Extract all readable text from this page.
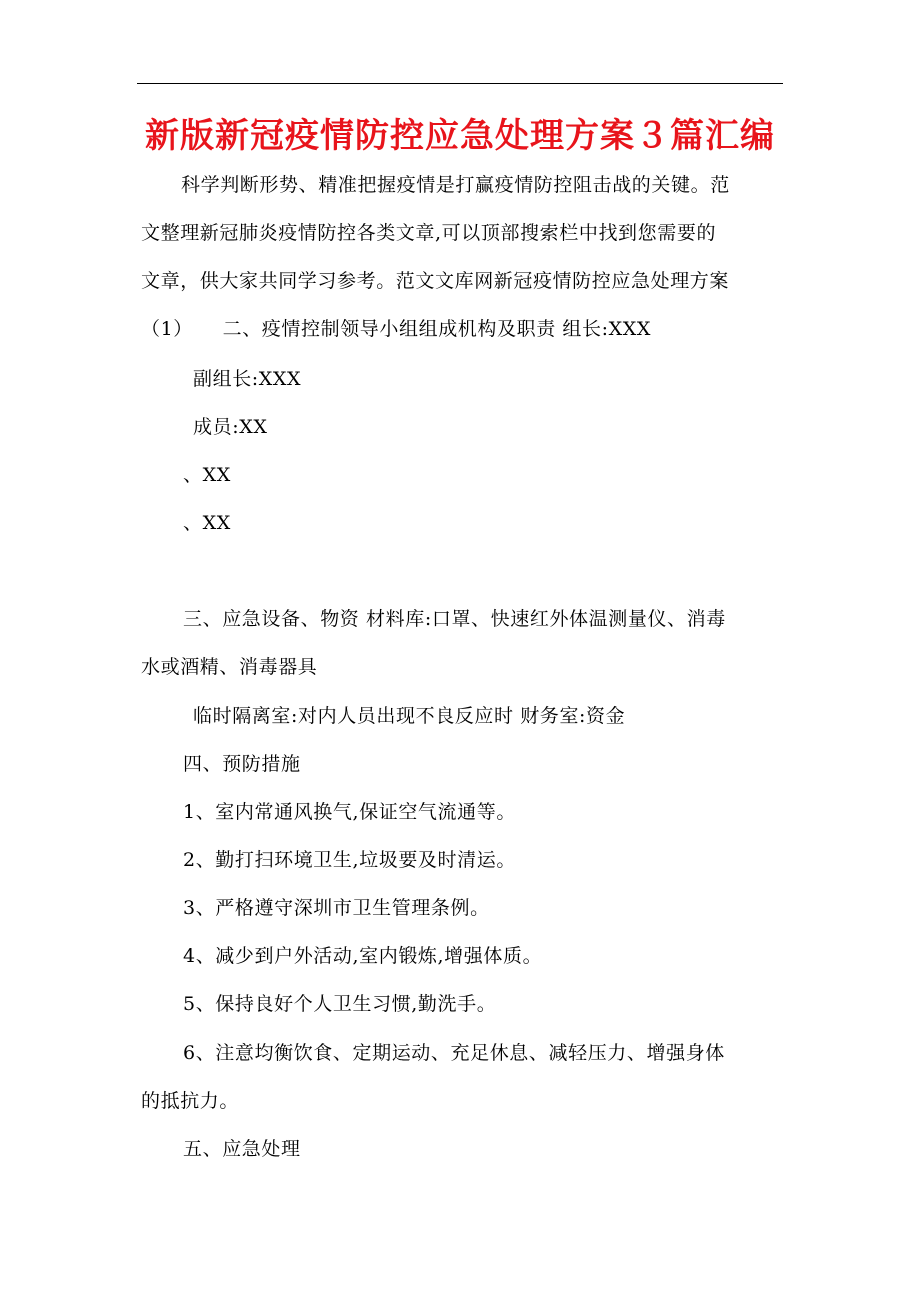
新版新冠疫情防控应急处理方案３篇汇编
科学判断形势、精准把握疫情是打赢疫情防控阻击战的关键。范
文整理新冠肺炎疫情防控各类文章,可以顶部搜索栏中找到您需要的
文章，供大家共同学习参考。范文文库网新冠疫情防控应急处理方案
（1）　　二、疫情控制领导小组组成机构及职责 组长:XXX
副组长:XXX
成员:XX
、XX
、XX
三、应急设备、物资 材料库:口罩、快速红外体温测量仪、消毒
水或酒精、消毒器具
临时隔离室:对内人员出现不良反应时 财务室:资金
四、预防措施
1、室内常通风换气,保证空气流通等。
2、勤打扫环境卫生,垃圾要及时清运。
3、严格遵守深圳市卫生管理条例。
4、减少到户外活动,室内锻炼,增强体质。
5、保持良好个人卫生习惯,勤洗手。
6、注意均衡饮食、定期运动、充足休息、减轻压力、增强身体
的抵抗力。
五、应急处理
